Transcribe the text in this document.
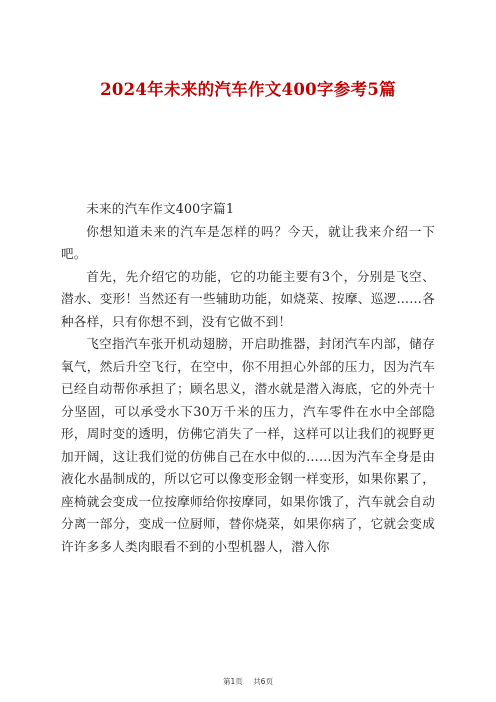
2024年未来的汽车作文400字参考5篇

未来的汽车作文400字篇1

你想知道未来的汽车是怎样的吗？今天，就让我来介绍一下吧。

首先，先介绍它的功能，它的功能主要有3个，分别是飞空、潜水、变形！当然还有一些辅助功能，如烧菜、按摩、巡逻……各种各样，只有你想不到，没有它做不到！

飞空指汽车张开机动翅膀，开启助推器，封闭汽车内部，储存氧气，然后升空飞行，在空中，你不用担心外部的压力，因为汽车已经自动帮你承担了；顾名思义，潜水就是潜入海底，它的外壳十分坚固，可以承受水下30万千米的压力，汽车零件在水中全部隐形，周时变的透明，仿佛它消失了一样，这样可以让我们的视野更加开阔，这让我们觉的仿佛自己在水中似的……因为汽车全身是由液化水晶制成的，所以它可以像变形金钢一样变形，如果你累了，座椅就会变成一位按摩师给你按摩同，如果你饿了，汽车就会自动分离一部分，变成一位厨师，替你烧菜，如果你病了，它就会变成许许多多人类肉眼看不到的小型机器人，潜入你

第1页 共6页
